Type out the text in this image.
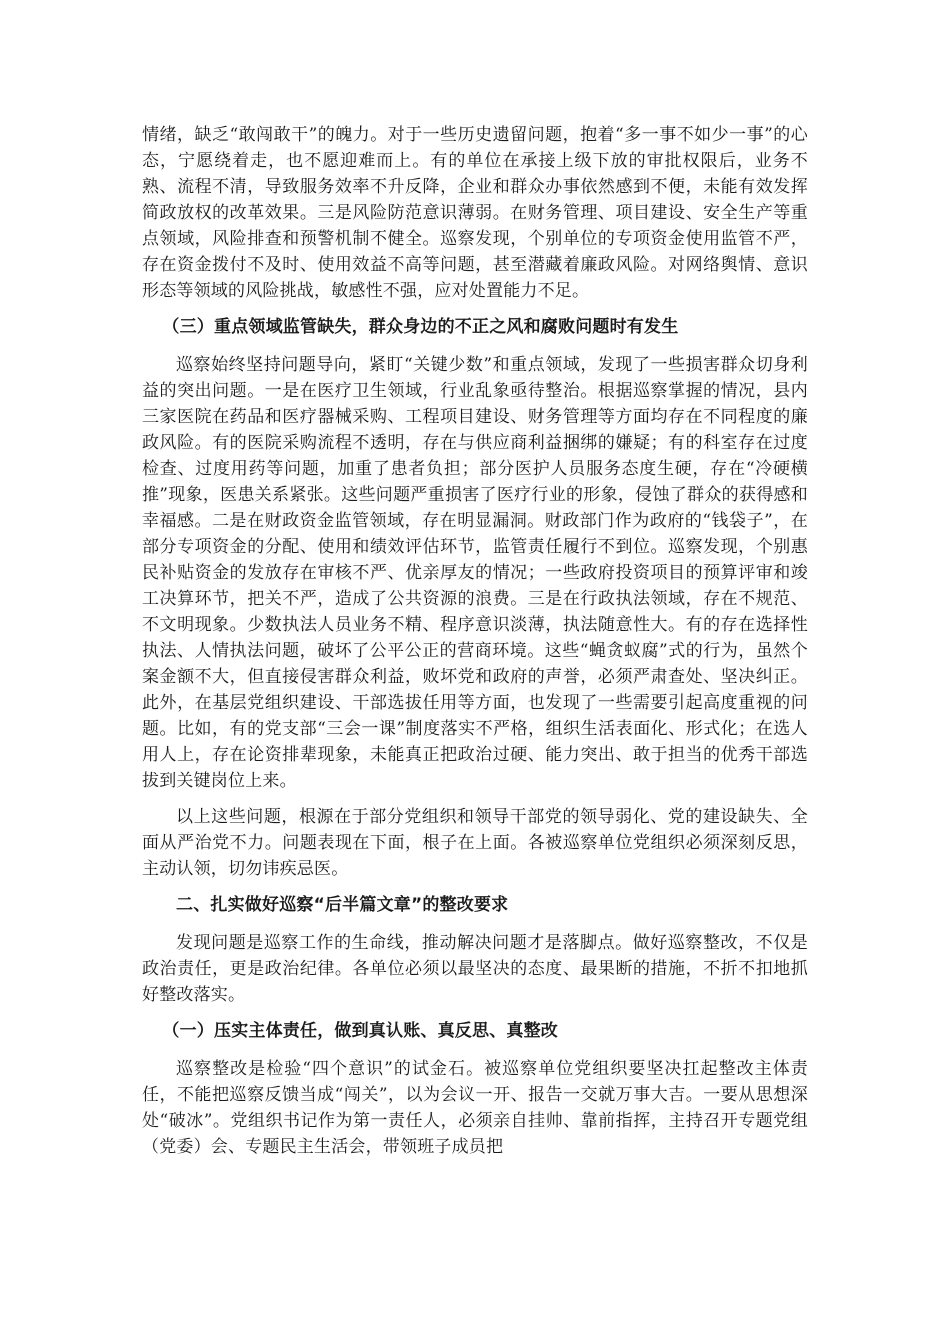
情绪，缺乏“敢闯敢干”的魄力。对于一些历史遗留问题，抱着“多一事不如少一事”的心态，宁愿绕着走，也不愿迎难而上。有的单位在承接上级下放的审批权限后，业务不熟、流程不清，导致服务效率不升反降，企业和群众办事依然感到不便，未能有效发挥简政放权的改革效果。三是风险防范意识薄弱。在财务管理、项目建设、安全生产等重点领域，风险排查和预警机制不健全。巡察发现，个别单位的专项资金使用监管不严，存在资金拨付不及时、使用效益不高等问题，甚至潜藏着廉政风险。对网络舆情、意识形态等领域的风险挑战，敏感性不强，应对处置能力不足。

（三）重点领域监管缺失，群众身边的不正之风和腐败问题时有发生

巡察始终坚持问题导向，紧盯“关键少数”和重点领域，发现了一些损害群众切身利益的突出问题。一是在医疗卫生领域，行业乱象亟待整治。根据巡察掌握的情况，县内三家医院在药品和医疗器械采购、工程项目建设、财务管理等方面均存在不同程度的廉政风险。有的医院采购流程不透明，存在与供应商利益捆绑的嫌疑；有的科室存在过度检查、过度用药等问题，加重了患者负担；部分医护人员服务态度生硬，存在“冷硬横推”现象，医患关系紧张。这些问题严重损害了医疗行业的形象，侵蚀了群众的获得感和幸福感。二是在财政资金监管领域，存在明显漏洞。财政部门作为政府的“钱袋子”，在部分专项资金的分配、使用和绩效评估环节，监管责任履行不到位。巡察发现，个别惠民补贴资金的发放存在审核不严、优亲厚友的情况；一些政府投资项目的预算评审和竣工决算环节，把关不严，造成了公共资源的浪费。三是在行政执法领域，存在不规范、不文明现象。少数执法人员业务不精、程序意识淡薄，执法随意性大。有的存在选择性执法、人情执法问题，破坏了公平公正的营商环境。这些“蝇贪蚁腐”式的行为，虽然个案金额不大，但直接侵害群众利益，败坏党和政府的声誉，必须严肃查处、坚决纠正。此外，在基层党组织建设、干部选拔任用等方面，也发现了一些需要引起高度重视的问题。比如，有的党支部“三会一课”制度落实不严格，组织生活表面化、形式化；在选人用人上，存在论资排辈现象，未能真正把政治过硬、能力突出、敢于担当的优秀干部选拔到关键岗位上来。

以上这些问题，根源在于部分党组织和领导干部党的领导弱化、党的建设缺失、全面从严治党不力。问题表现在下面，根子在上面。各被巡察单位党组织必须深刻反思，主动认领，切勿讳疾忌医。

二、扎实做好巡察“后半篇文章”的整改要求

发现问题是巡察工作的生命线，推动解决问题才是落脚点。做好巡察整改，不仅是政治责任，更是政治纪律。各单位必须以最坚决的态度、最果断的措施，不折不扣地抓好整改落实。

（一）压实主体责任，做到真认账、真反思、真整改

巡察整改是检验“四个意识”的试金石。被巡察单位党组织要坚决扛起整改主体责任，不能把巡察反馈当成“闯关”，以为会议一开、报告一交就万事大吉。一要从思想深处“破冰”。党组织书记作为第一责任人，必须亲自挂帅、靠前指挥，主持召开专题党组（党委）会、专题民主生活会，带领班子成员把
